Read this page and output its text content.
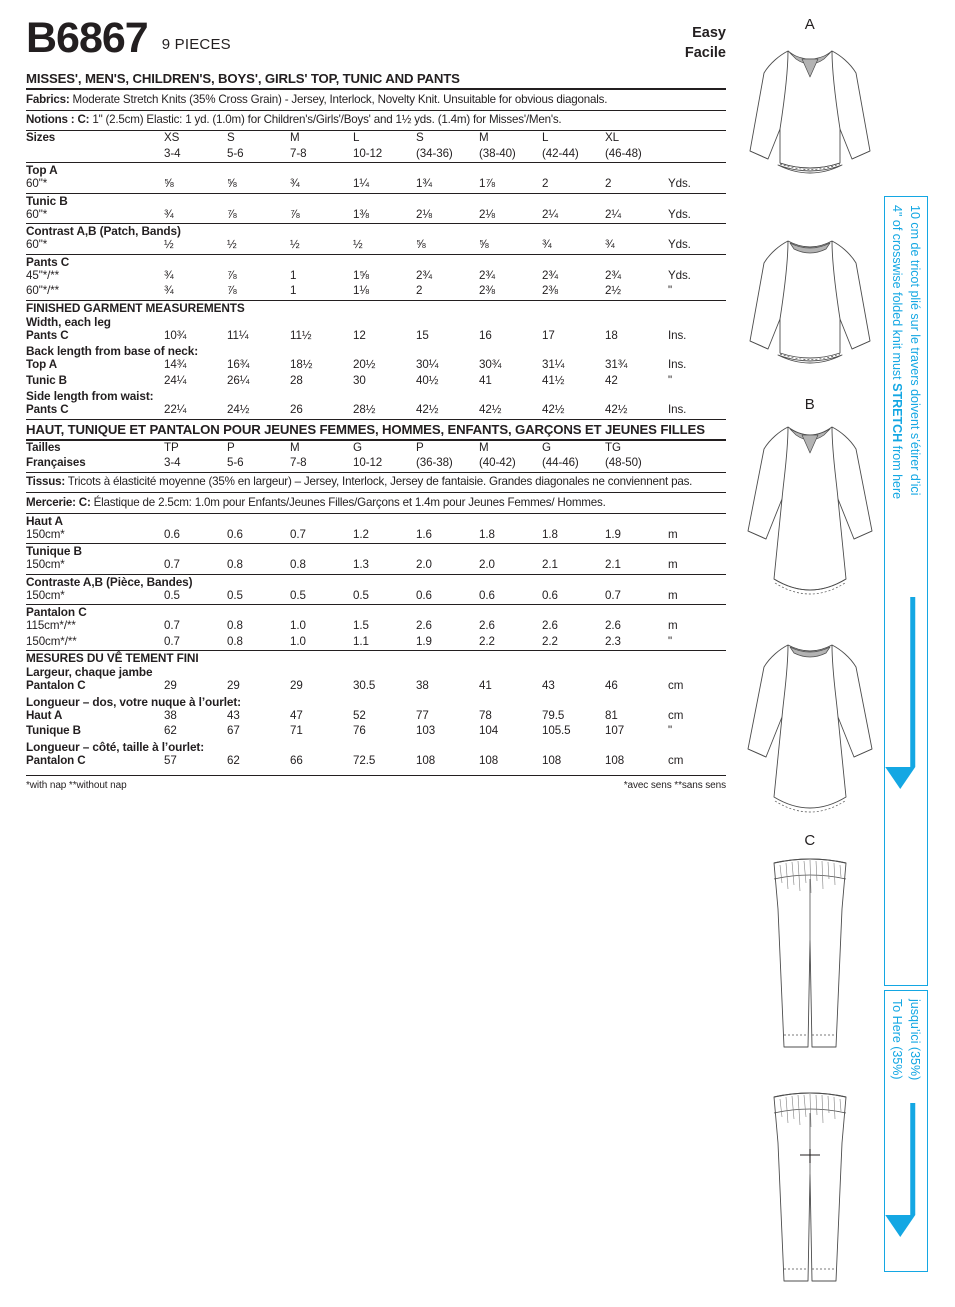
B6867 9 PIECES
Easy
Facile
MISSES', MEN'S, CHILDREN'S, BOYS', GIRLS' TOP, TUNIC AND PANTS
Fabrics: Moderate Stretch Knits (35% Cross Grain) - Jersey, Interlock, Novelty Knit. Unsuitable for obvious diagonals.
Notions : C: 1" (2.5cm) Elastic: 1 yd. (1.0m) for Children's/Girls'/Boys' and 1½ yds. (1.4m) for Misses'/Men's.
Sizes	XS	S	M	L	S	M	L	XL	
	3-4	5-6	7-8	10-12	(34-36)	(38-40)	(42-44)	(46-48)	
Top A
60"*	⅝	⅝	¾	1¼	1¾	1⅞	2	2	Yds.
Tunic B
60"*	¾	⅞	⅞	1⅜	2⅛	2⅛	2¼	2¼	Yds.
Contrast A,B (Patch, Bands)
60"*	½	½	½	½	⅝	⅝	¾	¾	Yds.
Pants C
45"*/**	¾	⅞	1	1⅝	2¾	2¾	2¾	2¾	Yds.
60"*/**	¾	⅞	1	1⅛	2	2⅜	2⅜	2½	"
FINISHED GARMENT MEASUREMENTS
Width, each leg
Pants C	10¾	11¼	11½	12	15	16	17	18	Ins.
Back length from base of neck:
Top A	14¾	16¾	18½	20½	30¼	30¾	31¼	31¾	Ins.
Tunic B	24¼	26¼	28	30	40½	41	41½	42	"
Side length from waist:
Pants C	22¼	24½	26	28½	42½	42½	42½	42½	Ins.
HAUT, TUNIQUE ET PANTALON POUR JEUNES FEMMES, HOMMES, ENFANTS, GARÇONS ET JEUNES FILLES
Tailles	TP	P	M	G	P	M	G	TG	
Françaises	3-4	5-6	7-8	10-12	(36-38)	(40-42)	(44-46)	(48-50)	
Tissus: Tricots à élasticité moyenne (35% en largeur) – Jersey, Interlock, Jersey de fantaisie. Grandes diagonales ne conviennent pas.
Mercerie: C: Élastique de 2.5cm: 1.0m pour Enfants/Jeunes Filles/Garçons et 1.4m pour Jeunes Femmes/ Hommes.
Haut A
150cm*	0.6	0.6	0.7	1.2	1.6	1.8	1.8	1.9	m
Tunique B
150cm*	0.7	0.8	0.8	1.3	2.0	2.0	2.1	2.1	m
Contraste A,B (Pièce, Bandes)
150cm*	0.5	0.5	0.5	0.5	0.6	0.6	0.6	0.7	m
Pantalon C
115cm*/**	0.7	0.8	1.0	1.5	2.6	2.6	2.6	2.6	m
150cm*/**	0.7	0.8	1.0	1.1	1.9	2.2	2.2	2.3	"
MESURES DU VÊ TEMENT FINI
Largeur, chaque jambe
Pantalon C	29	29	29	30.5	38	41	43	46	cm
Longueur – dos, votre nuque à l’ourlet:
Haut A	38	43	47	52	77	78	79.5	81	cm
Tunique B	62	67	71	76	103	104	105.5	107	"
Longueur – côté, taille à l’ourlet:
Pantalon C	57	62	66	72.5	108	108	108	108	cm
*with nap **without nap	*avec sens **sans sens
A

B

C

4" of crosswise folded knit must STRETCH from here 10 cm de tricot plié sur le travers doivent s’étirer d’ici
To Here (35%) jusqu’ici (35%)
